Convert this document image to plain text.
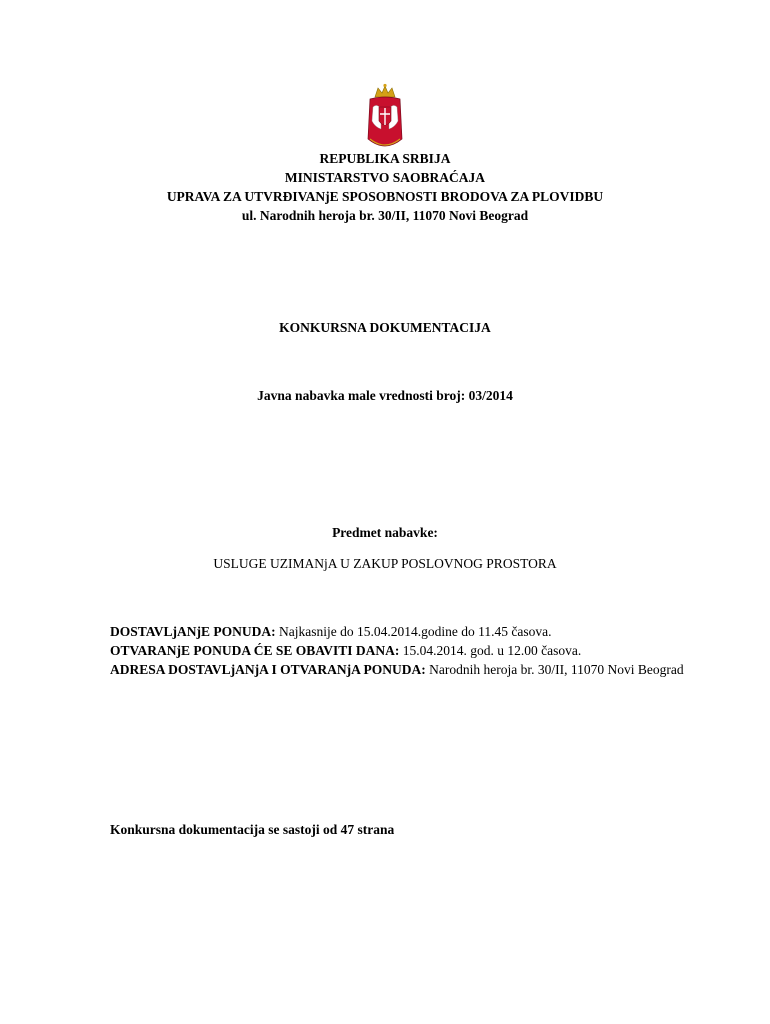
REPUBLIKA SRBIJA
MINISTARSTVO SAOBRAĆAJA
UPRAVA ZA UTVRĐIVANjE SPOSOBNOSTI BRODOVA ZA PLOVIDBU
ul. Narodnih heroja br. 30/II, 11070 Novi Beograd
KONKURSNA DOKUMENTACIJA
Javna nabavka male vrednosti broj: 03/2014
Predmet nabavke:
USLUGE UZIMANjA U ZAKUP POSLOVNOG PROSTORA

DOSTAVLjANjE PONUDA: Najkasnije do 15.04.2014.godine do 11.45 časova.

OTVARANjE PONUDA ĆE SE OBAVITI DANA: 15.04.2014. god. u 12.00 časova.

ADRESA DOSTAVLjANjA I OTVARANjA PONUDA: Narodnih heroja br. 30/II, 11070 Novi Beograd

Konkursna dokumentacija se sastoji od 47 strana
